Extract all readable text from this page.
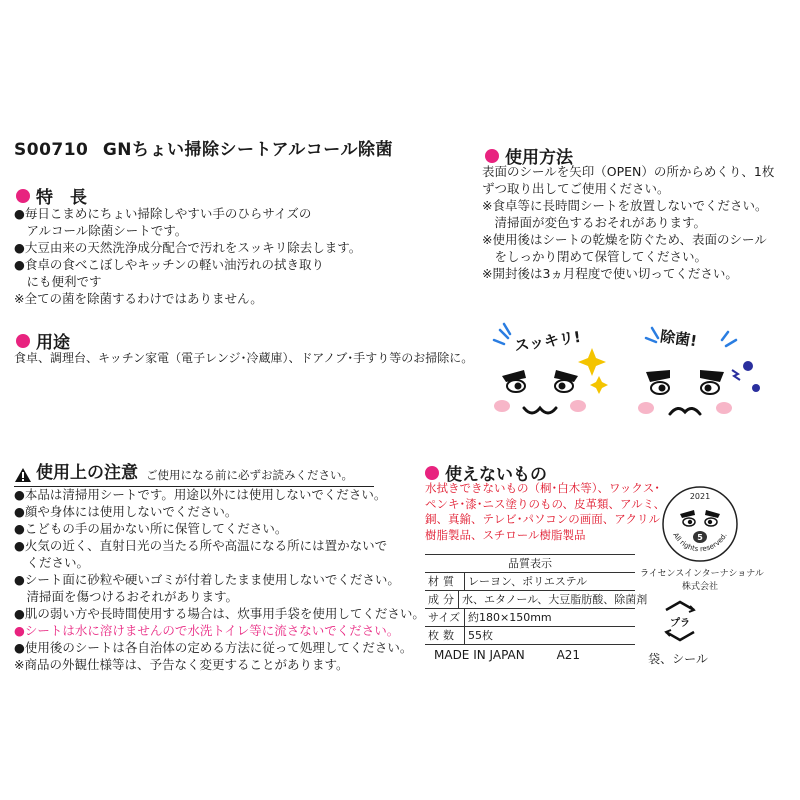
S00710 GNちょい掃除シートアルコール除菌
特　長
●毎日こまめにちょい掃除しやすい手のひらサイズの
　アルコール除菌シートです。
●大豆由来の天然洗浄成分配合で汚れをスッキリ除去します。
●食卓の食べこぼしやキッチンの軽い油汚れの拭き取り
　にも便利です
※全ての菌を除菌するわけではありません。
用途
食卓、調理台、キッチン家電（電子レンジ･冷蔵庫）、ドアノブ･手すり等のお掃除に。
使用方法
表面のシールを矢印（OPEN）の所からめくり、1枚
ずつ取り出してご使用ください。
※食卓等に長時間シートを放置しないでください。
　清掃面が変色するおそれがあります。
※使用後はシートの乾燥を防ぐため、表面のシール
　をしっかり閉めて保管してください。
※開封後は3ヵ月程度で使い切ってください。
スッキリ!	除菌!
使用上の注意 ご使用になる前に必ずお読みください。
●本品は清掃用シートです。用途以外には使用しないでください。
●顔や身体には使用しないでください。
●こどもの手の届かない所に保管してください。
●火気の近く、直射日光の当たる所や高温になる所には置かないで
　ください。
●シート面に砂粒や硬いゴミが付着したまま使用しないでください。
　清掃面を傷つけるおそれがあります。
●肌の弱い方や長時間使用する場合は、炊事用手袋を使用してください。
●シートは水に溶けませんので水洗トイレ等に流さないでください。
●使用後のシートは各自治体の定める方法に従って処理してください。
※商品の外観仕様等は、予告なく変更することがあります。
使えないもの
水拭きできないもの（桐･白木等）、ワックス･
ペンキ･漆･ニス塗りのもの、皮革類、アルミ、
銅、真鍮、テレビ･パソコンの画面、アクリル
樹脂製品、スチロール樹脂製品
品質表示
材質 レーヨン、ポリエステル
成分 水、エタノール、大豆脂肪酸、除菌剤
サイズ 約180×150mm
枚数 55枚
MADE IN JAPAN	A21
2021
5
All rights reserved.
ライセンスインターナショナル
株式会社
プラ
袋、シール
